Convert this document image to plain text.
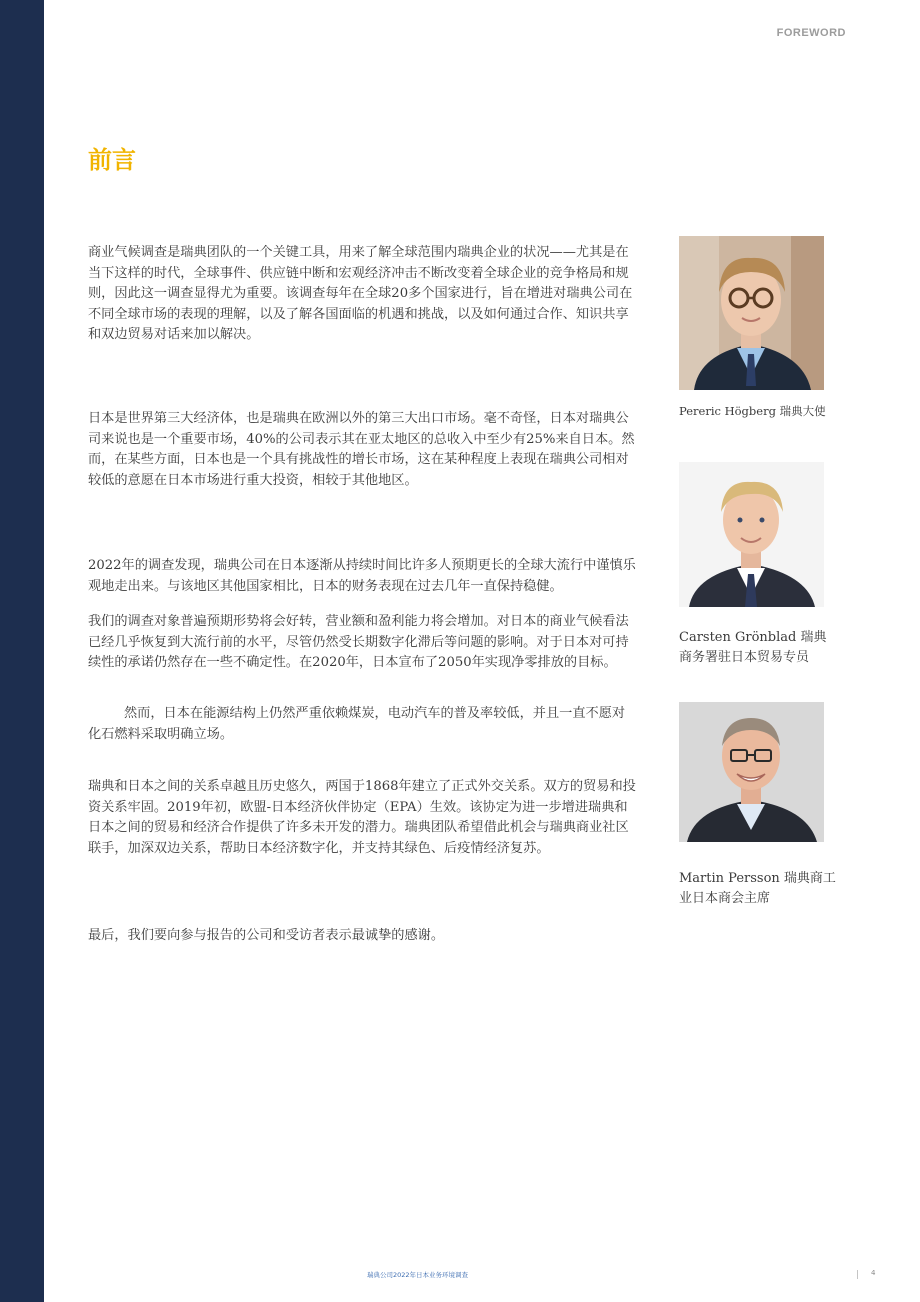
FOREWORD
前言
商业气候调查是瑞典团队的一个关键工具，用来了解全球范围内瑞典企业的状况——尤其是在当下这样的时代，全球事件、供应链中断和宏观经济冲击不断改变着全球企业的竞争格局和规则，因此这一调查显得尤为重要。该调查每年在全球20多个国家进行，旨在增进对瑞典公司在不同全球市场的表现的理解，以及了解各国面临的机遇和挑战，以及如何通过合作、知识共享和双边贸易对话来加以解决。
日本是世界第三大经济体，也是瑞典在欧洲以外的第三大出口市场。毫不奇怪，日本对瑞典公司来说也是一个重要市场，40%的公司表示其在亚太地区的总收入中至少有25%来自日本。然而，在某些方面，日本也是一个具有挑战性的增长市场，这在某种程度上表现在瑞典公司相对较低的意愿在日本市场进行重大投资，相较于其他地区。
2022年的调查发现，瑞典公司在日本逐渐从持续时间比许多人预期更长的全球大流行中谨慎乐观地走出来。与该地区其他国家相比，日本的财务表现在过去几年一直保持稳健。
我们的调查对象普遍预期形势将会好转，营业额和盈利能力将会增加。对日本的商业气候看法已经几乎恢复到大流行前的水平，尽管仍然受长期数字化滞后等问题的影响。对于日本对可持续性的承诺仍然存在一些不确定性。在2020年，日本宣布了2050年实现净零排放的目标。
然而，日本在能源结构上仍然严重依赖煤炭，电动汽车的普及率较低，并且一直不愿对化石燃料采取明确立场。
瑞典和日本之间的关系卓越且历史悠久，两国于1868年建立了正式外交关系。双方的贸易和投资关系牢固。2019年初，欧盟-日本经济伙伴协定（EPA）生效。该协定为进一步增进瑞典和日本之间的贸易和经济合作提供了许多未开发的潜力。瑞典团队希望借此机会与瑞典商业社区联手，加深双边关系，帮助日本经济数字化，并支持其绿色、后疫情经济复苏。
最后，我们要向参与报告的公司和受访者表示最诚挚的感谢。
Pereric Högberg 瑞典大使
Carsten Grönblad 瑞典商务署驻日本贸易专员
Martin Persson 瑞典商工业日本商会主席
瑞典公司2022年日本业务环境调查	4
